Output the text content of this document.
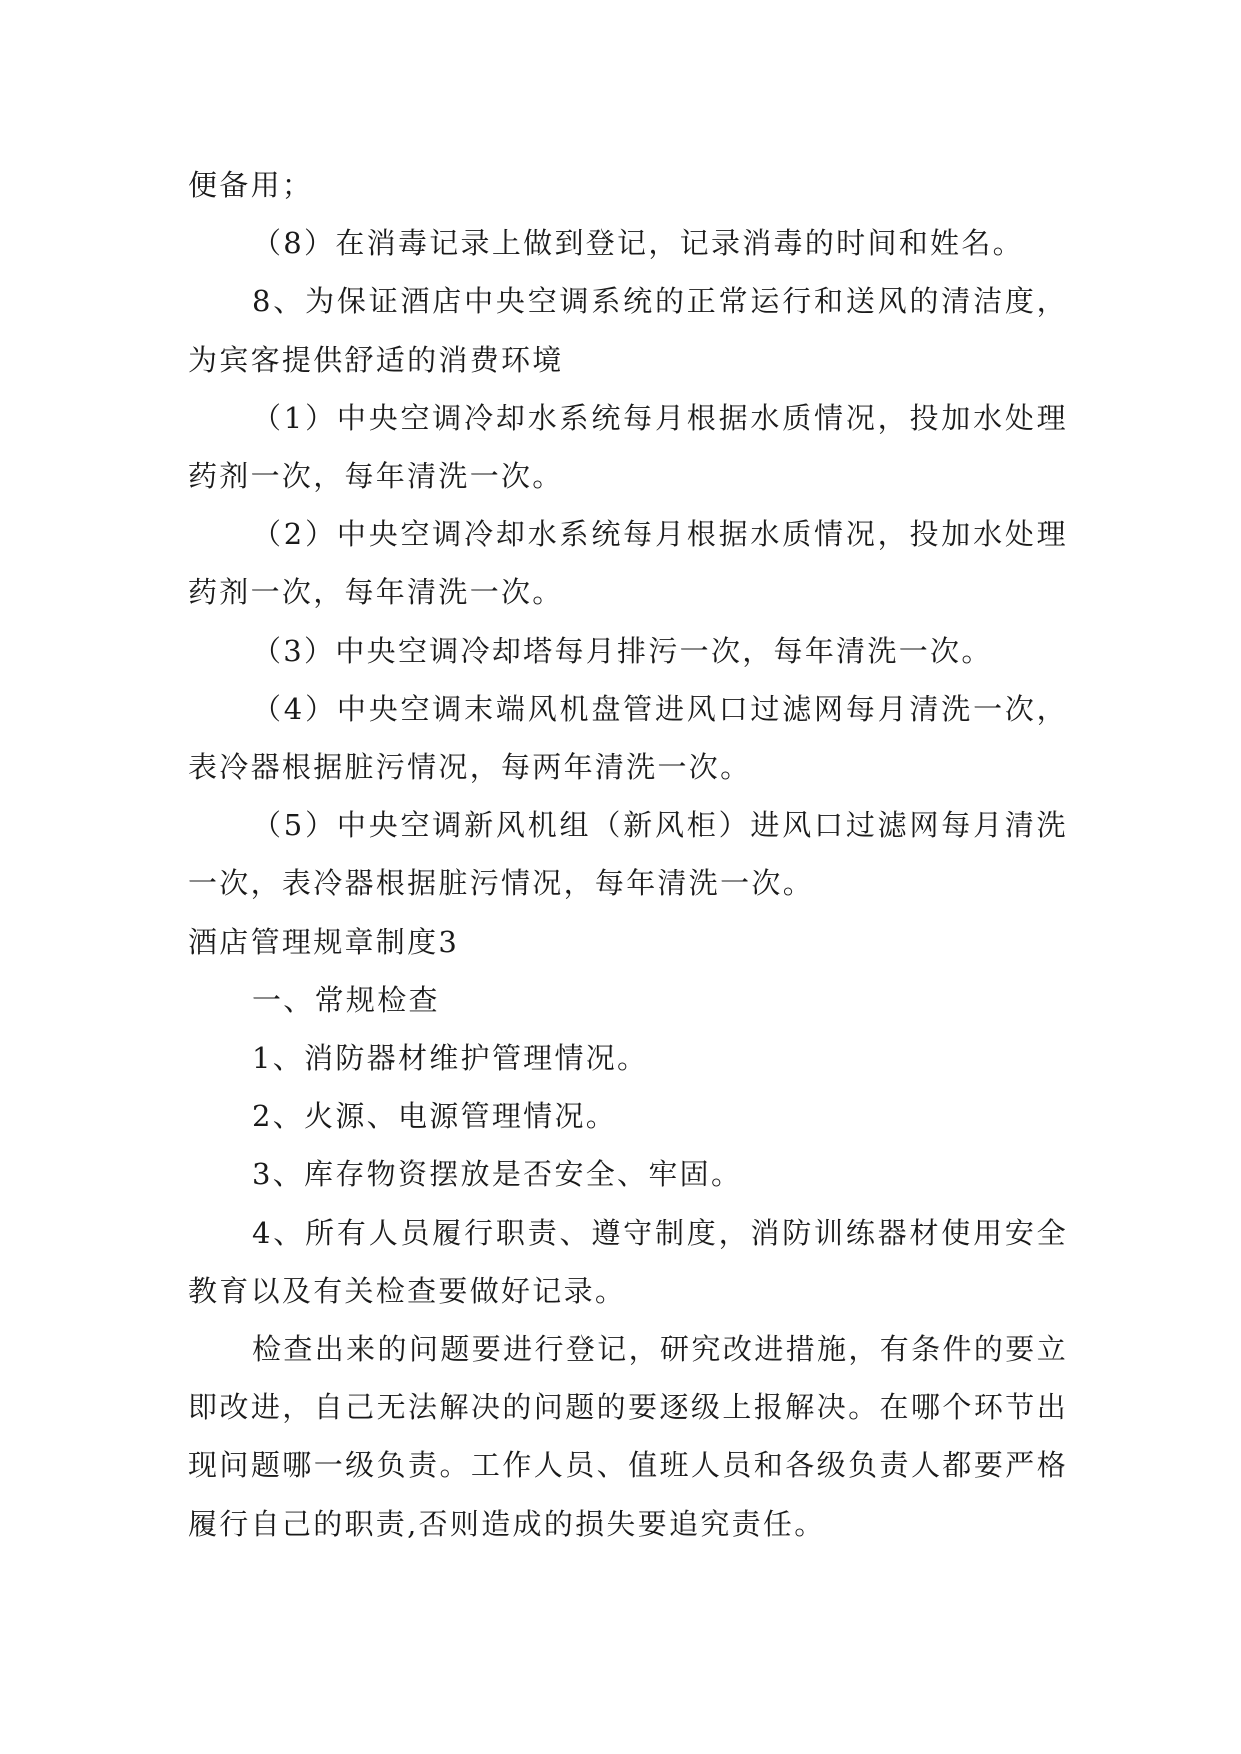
便备用；

（8）在消毒记录上做到登记，记录消毒的时间和姓名。

8、为保证酒店中央空调系统的正常运行和送风的清洁度，为宾客提供舒适的消费环境

（1）中央空调冷却水系统每月根据水质情况，投加水处理药剂一次，每年清洗一次。

（2）中央空调冷却水系统每月根据水质情况，投加水处理药剂一次，每年清洗一次。

（3）中央空调冷却塔每月排污一次，每年清洗一次。

（4）中央空调末端风机盘管进风口过滤网每月清洗一次，表冷器根据脏污情况，每两年清洗一次。

（5）中央空调新风机组（新风柜）进风口过滤网每月清洗一次，表冷器根据脏污情况，每年清洗一次。

酒店管理规章制度3

一、常规检查

1、消防器材维护管理情况。

2、火源、电源管理情况。

3、库存物资摆放是否安全、牢固。

4、所有人员履行职责、遵守制度，消防训练器材使用安全教育以及有关检查要做好记录。

检查出来的问题要进行登记，研究改进措施，有条件的要立即改进，自己无法解决的问题的要逐级上报解决。在哪个环节出现问题哪一级负责。工作人员、值班人员和各级负责人都要严格履行自己的职责,否则造成的损失要追究责任。
